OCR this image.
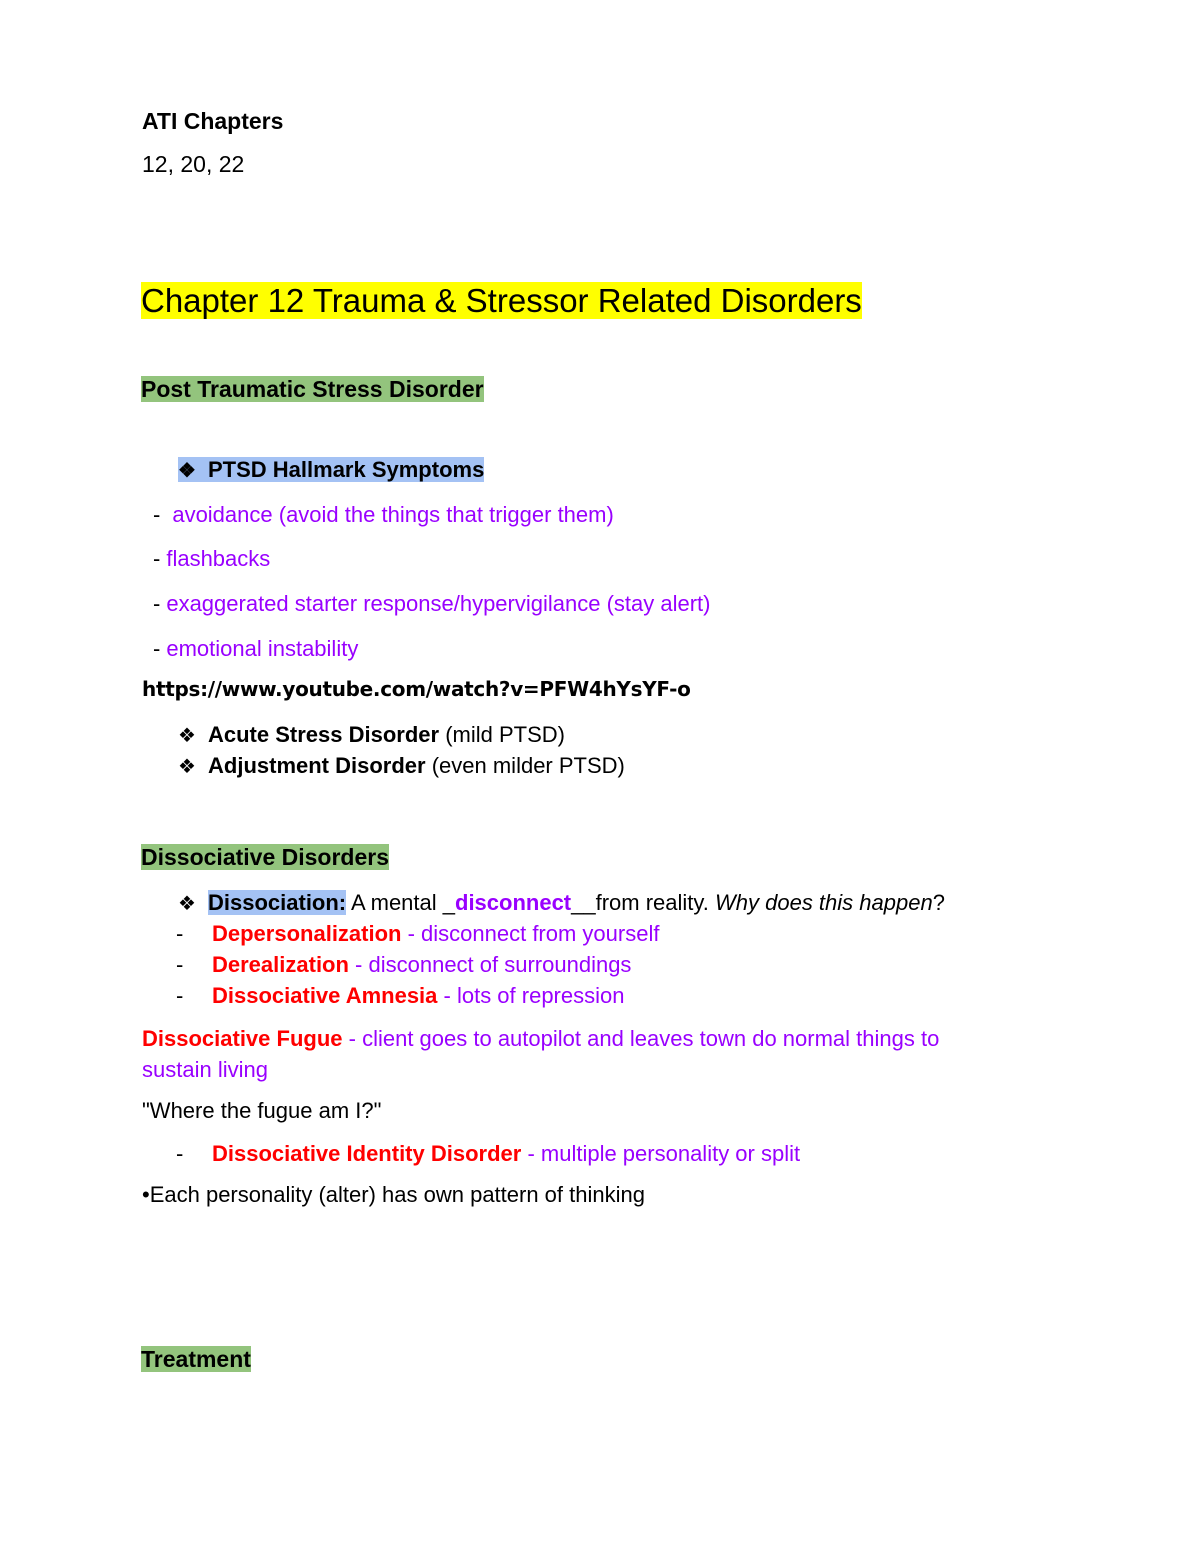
ATI Chapters
12, 20, 22
Chapter 12 Trauma & Stressor Related Disorders
Post Traumatic Stress Disorder
❖ PTSD Hallmark Symptoms
- avoidance (avoid the things that trigger them)
- flashbacks
- exaggerated starter response/hypervigilance (stay alert)
- emotional instability
https://www.youtube.com/watch?v=PFW4hYsYF-o
❖ Acute Stress Disorder (mild PTSD)
❖ Adjustment Disorder (even milder PTSD)
Dissociative Disorders
❖ Dissociation: A mental _disconnect__from reality. Why does this happen?
- Depersonalization - disconnect from yourself
- Derealization - disconnect of surroundings
- Dissociative Amnesia - lots of repression
Dissociative Fugue - client goes to autopilot and leaves town do normal things to
sustain living
"Where the fugue am I?"
- Dissociative Identity Disorder - multiple personality or split
•Each personality (alter) has own pattern of thinking
Treatment
